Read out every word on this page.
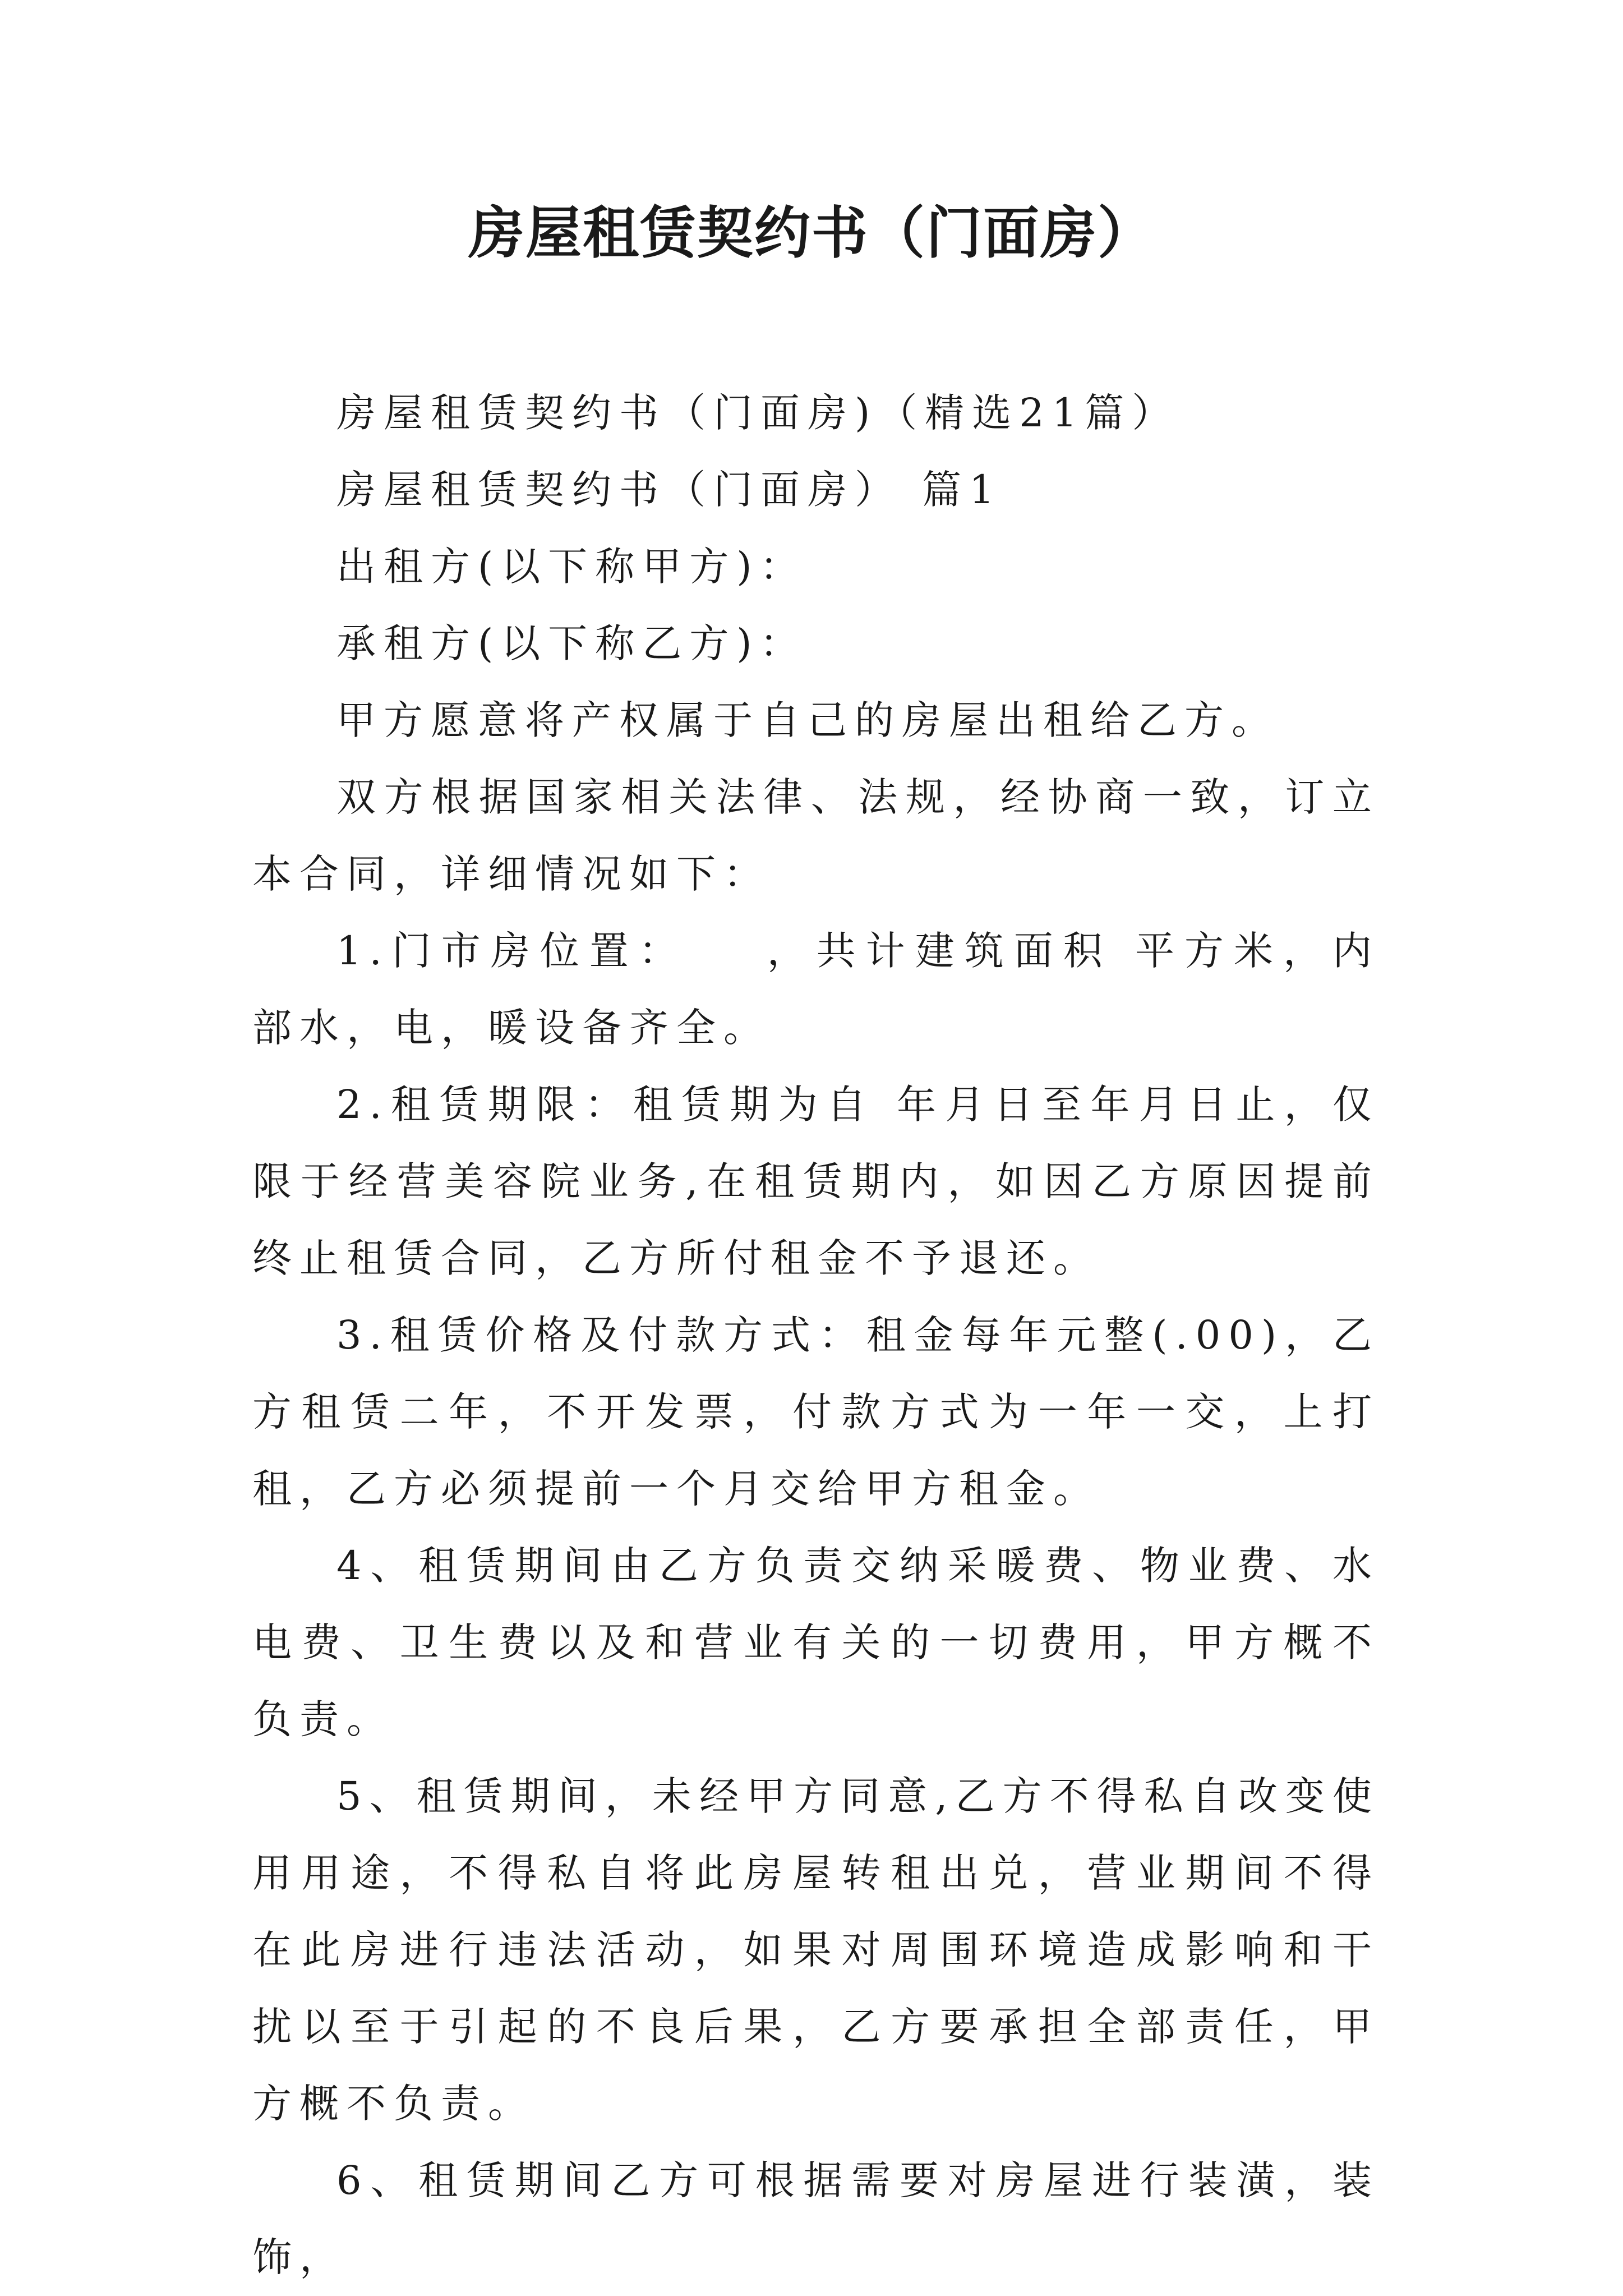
房屋租赁契约书（门面房）

房屋租赁契约书（门面房)（精选21篇）

房屋租赁契约书（门面房） 篇1

出租方(以下称甲方)：

承租方(以下称乙方)：

甲方愿意将产权属于自己的房屋出租给乙方。

双方根据国家相关法律、法规，经协商一致，订立本合同，详细情况如下：

1.门市房位置：　　，共计建筑面积 平方米，内部水，电，暖设备齐全。

2.租赁期限：租赁期为自 年月日至年月日止，仅限于经营美容院业务,在租赁期内，如因乙方原因提前终止租赁合同，乙方所付租金不予退还。

3.租赁价格及付款方式：租金每年元整(.00)，乙方租赁二年，不开发票，付款方式为一年一交，上打租，乙方必须提前一个月交给甲方租金。

4、租赁期间由乙方负责交纳采暖费、物业费、水电费、卫生费以及和营业有关的一切费用，甲方概不负责。

5、租赁期间，未经甲方同意,乙方不得私自改变使用用途，不得私自将此房屋转租出兑，营业期间不得在此房进行违法活动，如果对周围环境造成影响和干扰以至于引起的不良后果，乙方要承担全部责任，甲方概不负责。

6、租赁期间乙方可根据需要对房屋进行装潢，装饰，
